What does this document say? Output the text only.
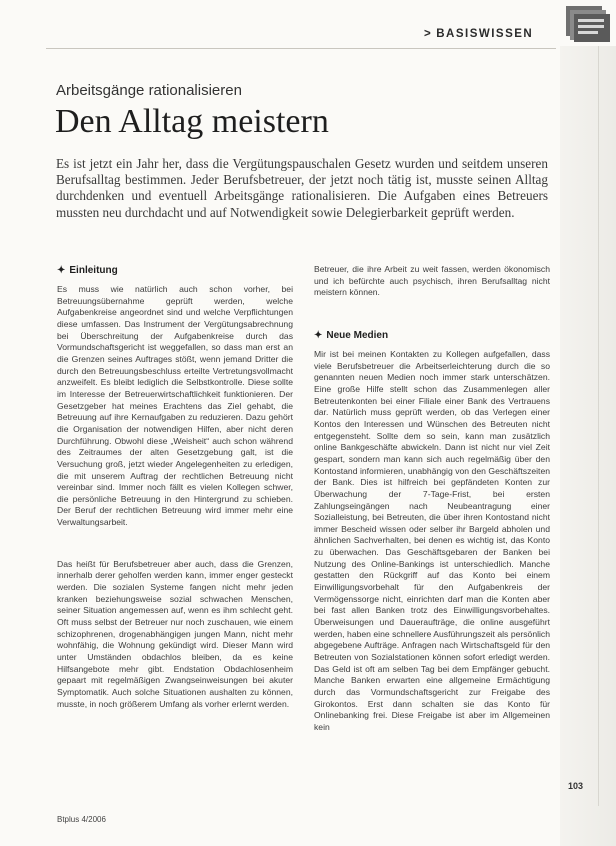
> BASISWISSEN
Arbeitsgänge rationalisieren
Den Alltag meistern

Es ist jetzt ein Jahr her, dass die Vergütungspauschalen Gesetz wurden und seitdem unseren Berufsalltag bestimmen. Jeder Berufsbetreuer, der jetzt noch tätig ist, musste seinen Alltag durchdenken und eventuell Arbeitsgänge rationalisieren. Die Aufgaben eines Betreuers mussten neu durchdacht und auf Notwendigkeit sowie Delegierbarkeit geprüft werden.

✦ Einleitung

Es muss wie natürlich auch schon vorher, bei Betreuungsübernahme geprüft werden, welche Aufgabenkreise angeordnet sind und welche Verpflichtungen diese umfassen. Das Instrument der Vergütungsabrechnung bei Überschreitung der Aufgabenkreise durch das Vormundschaftsgericht ist weggefallen, so dass man erst an die Grenzen seines Auftrages stößt, wenn jemand Dritter die durch den Betreuungsbeschluss erteilte Vertretungsvollmacht anzweifelt. Es bleibt lediglich die Selbstkontrolle. Diese sollte im Interesse der Betreuerwirtschaftlichkeit funktionieren. Der Gesetzgeber hat meines Erachtens das Ziel gehabt, die Betreuung auf ihre Kernaufgaben zu reduzieren. Dazu gehört die Organisation der notwendigen Hilfen, aber nicht deren Durchführung. Obwohl diese „Weisheit“ auch schon während des Zeitraumes der alten Gesetzgebung galt, ist die Versuchung groß, jetzt wieder Angelegenheiten zu erledigen, die mit unserem Auftrag der rechtlichen Betreuung nicht vereinbar sind. Immer noch fällt es vielen Kollegen schwer, die persönliche Betreuung in den Hintergrund zu schieben. Der Beruf der rechtlichen Betreuung wird immer mehr eine Verwaltungsarbeit.

Das heißt für Berufsbetreuer aber auch, dass die Grenzen, innerhalb derer geholfen werden kann, immer enger gesteckt werden. Die sozialen Systeme fangen nicht mehr jeden kranken beziehungsweise sozial schwachen Menschen, seiner Situation angemessen auf, wenn es ihm schlecht geht. Oft muss selbst der Betreuer nur noch zuschauen, wie einem schizophrenen, drogenabhängigen jungen Mann, nicht mehr wohnfähig, die Wohnung gekündigt wird. Dieser Mann wird unter Umständen obdachlos bleiben, da es keine Hilfsangebote mehr gibt. Endstation Obdachlosenheim gepaart mit regelmäßigen Zwangseinweisungen bei akuter Symptomatik. Auch solche Situationen aushalten zu können, musste, in noch größerem Umfang als vorher erlernt werden.

Betreuer, die ihre Arbeit zu weit fassen, werden ökonomisch und ich befürchte auch psychisch, ihren Berufsalltag nicht meistern können.

✦ Neue Medien

Mir ist bei meinen Kontakten zu Kollegen aufgefallen, dass viele Berufsbetreuer die Arbeitserleichterung durch die so genannten neuen Medien noch immer stark unterschätzen. Eine große Hilfe stellt schon das Zusammenlegen aller Betreutenkonten bei einer Filiale einer Bank des Vertrauens dar. Natürlich muss geprüft werden, ob das Verlegen einer Kontos den Interessen und Wünschen des Betreuten nicht entgegensteht. Sollte dem so sein, kann man zusätzlich online Bankgeschäfte abwickeln. Dann ist nicht nur viel Zeit gespart, sondern man kann sich auch regelmäßig über den Kontostand informieren, unabhängig von den Geschäftszeiten der Bank. Dies ist hilfreich bei gepfändeten Konten zur Überwachung der 7-Tage-Frist, bei ersten Zahlungseingängen nach Neubeantragung einer Sozialleistung, bei Betreuten, die über ihren Kontostand nicht immer Bescheid wissen oder selber ihr Bargeld abholen und ähnlichen Sachverhalten, bei denen es wichtig ist, das Konto zu überwachen. Das Geschäftsgebaren der Banken bei Nutzung des Online-Bankings ist unterschiedlich. Manche gestatten den Rückgriff auf das Konto bei einem Einwilligungsvorbehalt für den Aufgabenkreis der Vermögenssorge nicht, einrichten darf man die Konten aber bei fast allen Banken trotz des Einwilligungsvorbehaltes. Überweisungen und Daueraufträge, die online ausgeführt werden, haben eine schnellere Ausführungszeit als persönlich abgegebene Aufträge. Anfragen nach Wirtschaftsgeld für den Betreuten von Sozialstationen können sofort erledigt werden. Das Geld ist oft am selben Tag bei dem Empfänger gebucht. Manche Banken erwarten eine allgemeine Ermächtigung durch das Vormundschaftsgericht zur Freigabe des Girokontos. Erst dann schalten sie das Konto für Onlinebanking frei. Diese Freigabe ist aber im Allgemeinen kein

Btplus 4/2006
103
